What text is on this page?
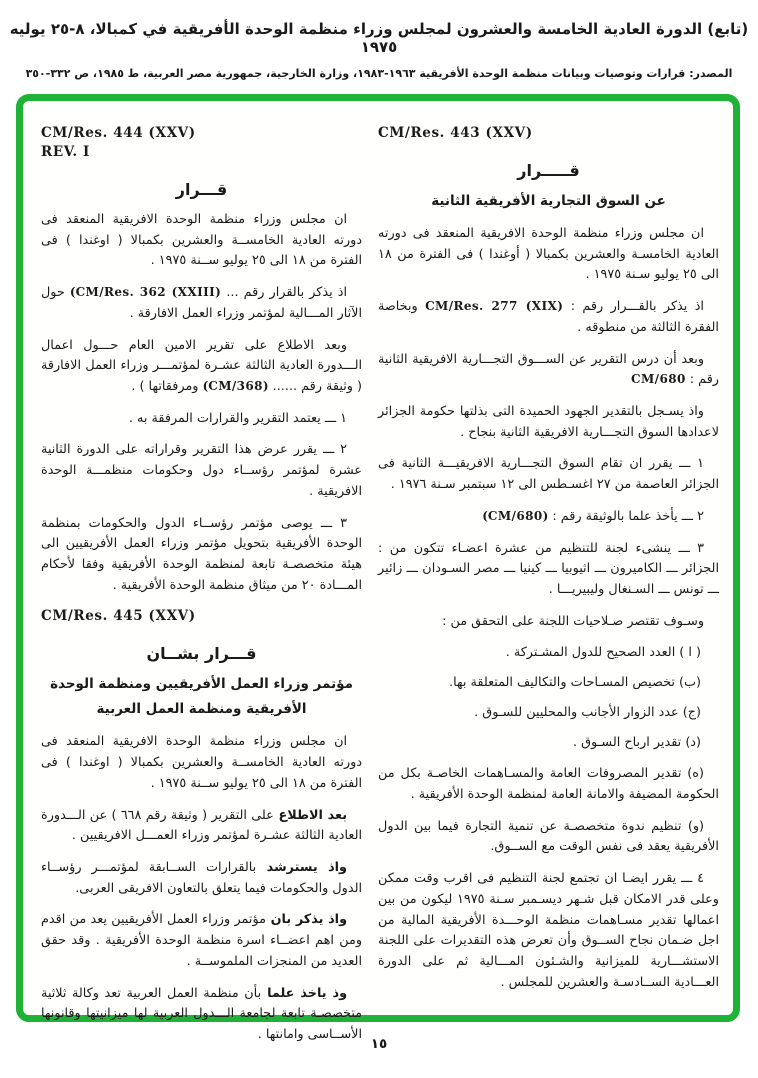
(تابع) الدورة العادية الخامسة والعشرون لمجلس وزراء منظمة الوحدة الأفريقية في كمبالا، ٨-٢٥ يوليه ١٩٧٥
المصدر: قرارات وتوصيات وبيانات منظمة الوحدة الأفريقية ١٩٦٣-١٩٨٣، وزارة الخارجية، جمهورية مصر العربية، ط ١٩٨٥، ص ٣٣٢-٣٥٠
CM/Res. 443 (XXV)
قـــــرار
عن السوق التجارية الأفريقية الثانية
ان مجلس وزراء منظمة الوحدة الافريقية المنعقد فى دورته العادية الخامسـة والعشرين بكمبالا ( أوغندا ) فى الفترة من ١٨ الى ٢٥ يوليو سـنة ١٩٧٥ .
اذ يذكر بالقـــرار رقم : CM/Res. 277 (XIX) وبخاصة الفقرة الثالثة من منطوقه .
وبعد أن درس التقرير عن الســـوق التجـــارية الافريقية الثانية رقم : CM/680
واذ يسـجل بالتقدير الجهود الحميدة التى بذلتها حكومة الجزائر لاعدادها السوق التجـــارية الافريقية الثانية بنجاح .
١ ـــ يقرر ان تقام السوق التجـــارية الافريقيـــة الثانية فى الجزائر العاصمة من ٢٧ اغسـطس الى ١٢ سبتمبر سـنة ١٩٧٦ .
٢ ـــ يأخذ علما بالوثيقة رقم : (CM/680)
٣ ـــ ينشىء لجنة للتنظيم من عشرة اعضـاء تتكون من : الجزائر ـــ الكاميرون ـــ اثيوبيا ـــ كينيا ـــ مصر السـودان ـــ زائير ـــ تونس ـــ السـنغال وليبيريـــا .
وسـوف تقتصر صـلاحيات اللجنة على التحقق من :
( ا ) العدد الصحيح للدول المشـتركة .
(ب) تخصيص المسـاحات والتكاليف المتعلقة بها.
(ج) عدد الزوار الأجانب والمحليين للسـوق .
(د) تقدير ارباح السـوق .
(ه) تقدير المصروفات العامة والمسـاهمات الخاصـة بكل من الحكومة المضيفة والامانة العامة لمنظمة الوحدة الأفريقية .
(و) تنظيم ندوة متخصصـة عن تنمية التجارة فيما بين الدول الأفريقية يعقد فى نفس الوقت مع الســوق.
٤ ـــ يقرر ايضـا ان تجتمع لجنة التنظيم فى اقرب وقت ممكن وعلى قدر الامكان قبل شـهر ديسـمبر سـنة ١٩٧٥ ليكون من بين اعمالها تقدير مسـاهمات منظمة الوحـــدة الأفريقية المالية من اجل ضـمان نجاح الســوق وأن تعرض هذه التقديرات على اللجنة الاستشـــارية للميزانية والشـئون المـــالية ثم على الدورة العـــادية الســادسـة والعشرين للمجلس .
CM/Res. 444 (XXV)
REV. I
قـــرار
ان مجلس وزراء منظمة الوحدة الافريقية المنعقد فى دورته العادية الخامســة والعشرين بكمبالا ( اوغندا ) فى الفترة من ١٨ الى ٢٥ يوليو ســنة ١٩٧٥ .
اذ يذكر بالقرار رقم ... (CM/Res. 362 (XXIII) حول الآثار المـــالية لمؤتمر وزراء العمل الافارقة .
وبعد الاطلاع على تقرير الامين العام حـــول اعمال الـــدورة العادية الثالثة عشـرة لمؤتمـــر وزراء العمل الافارقة ( وثيقة رقم ...... (CM/368) ومرفقاتها ) .
١ ـــ يعتمد التقرير والقرارات المرفقة به .
٢ ـــ يقرر عرض هذا التقرير وقراراته على الدورة الثانية عشرة لمؤتمر رؤســاء دول وحكومات منظمـــة الوحدة الافريقية .
٣ ـــ يوصى مؤتمر رؤســاء الدول والحكومات بمنظمة الوحدة الأفريقية بتحويل مؤتمر وزراء العمل الأفريقيين الى هيئة متخصصـة تابعة لمنظمة الوحدة الأفريقية وفقا لأحكام المـــادة ٢٠ من ميثاق منظمة الوحدة الأفريقية .
CM/Res. 445 (XXV)
قـــرار بشــان
مؤتمر وزراء العمل الأفريقيين ومنظمة الوحدة
الأفريقية ومنظمة العمل العربية
ان مجلس وزراء منظمة الوحدة الافريقية المنعقد فى دورته العادية الخامســة والعشرين بكمبالا ( اوغندا ) فى الفترة من ١٨ الى ٢٥ يوليو ســنة ١٩٧٥ .
بعد الاطلاع على التقرير ( وثيقة رقم ٦٦٨ ) عن الـــدورة العادية الثالثة عشـرة لمؤتمر وزراء العمـــل الافريقيين .
واذ يسترشد بالقرارات الســابقة لمؤتمـــر رؤســاء الدول والحكومات فيما يتعلق بالتعاون الافريقى العربى.
واذ يذكر بان مؤتمر وزراء العمل الأفريقيين يعد من اقدم ومن اهم اعضــاء اسرة منظمة الوحدة الأفريقية . وقد حقق العديد من المنجزات الملموســة .
وذ ياخذ علما بأن منظمة العمل العربية تعد وكالة ثلاثية متخصصـة تابعة لجامعة الـــدول العربية لها ميزانيتها وقانونها الأســاسى وامانتها .
١٥
